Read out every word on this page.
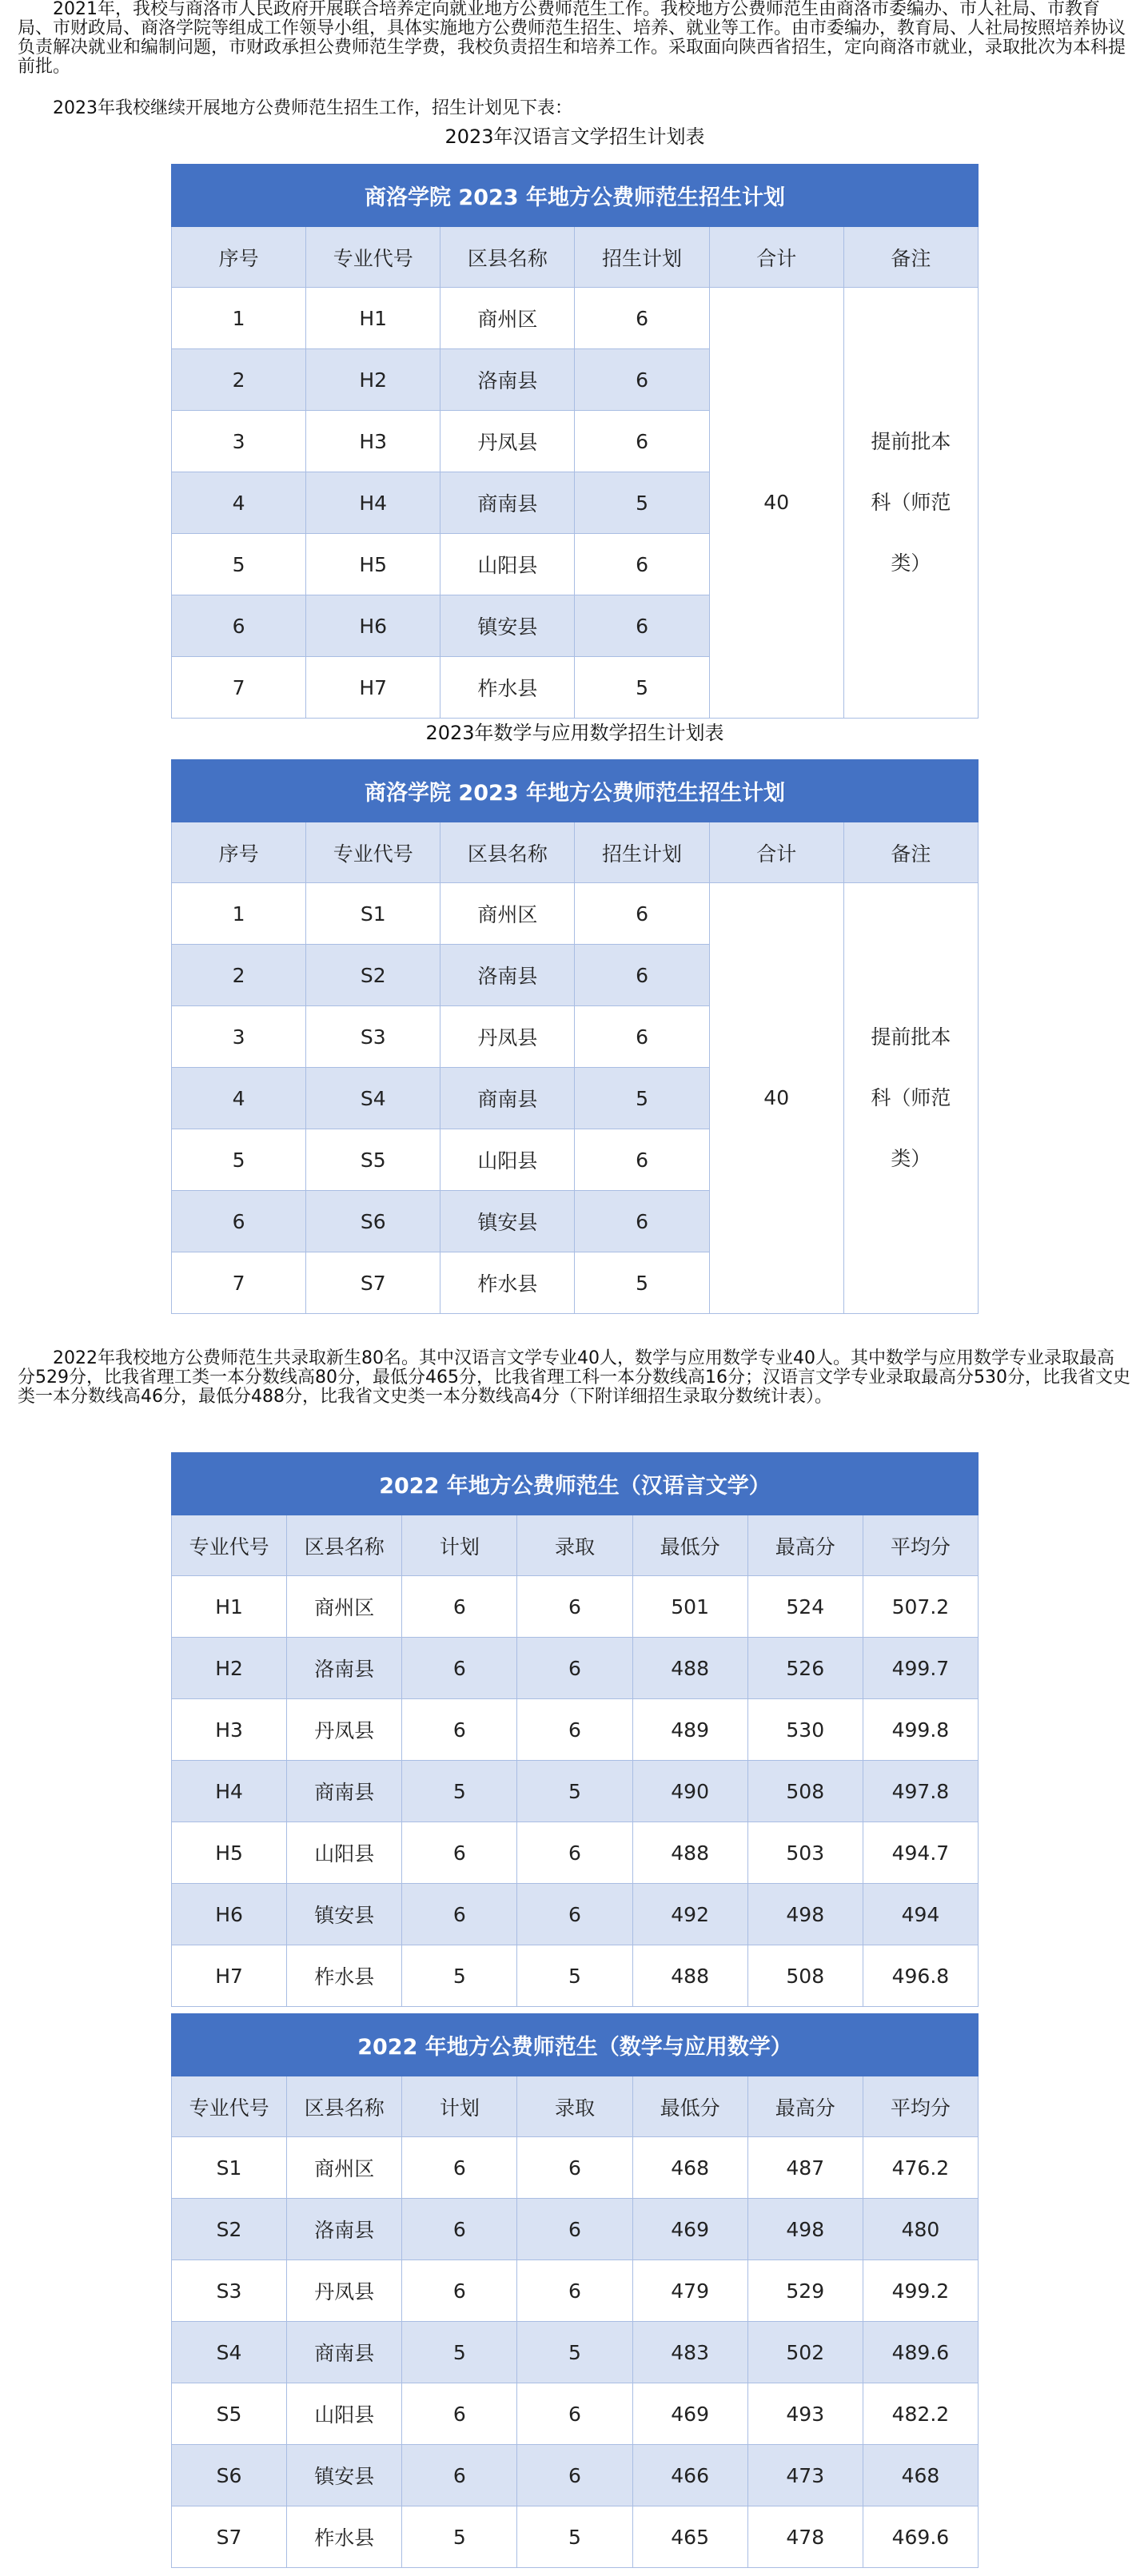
2021年，我校与商洛市人民政府开展联合培养定向就业地方公费师范生工作。我校地方公费师范生由商洛市委编办、市人社局、市教育局、市财政局、商洛学院等组成工作领导小组，具体实施地方公费师范生招生、培养、就业等工作。由市委编办，教育局、人社局按照培养协议负责解决就业和编制问题，市财政承担公费师范生学费，我校负责招生和培养工作。采取面向陕西省招生，定向商洛市就业，录取批次为本科提前批。

2023年我校继续开展地方公费师范生招生工作，招生计划见下表：

2023年汉语言文学招生计划表
商洛学院 2023 年地方公费师范生招生计划					
序号	专业代号	区县名称	招生计划	合计	备注
1	H1	商州区	6	40	提前批本科（师范类）
2	H2	洛南县	6		
3	H3	丹凤县	6		
4	H4	商南县	5		
5	H5	山阳县	6		
6	H6	镇安县	6		
7	H7	柞水县	5		
2023年数学与应用数学招生计划表
商洛学院 2023 年地方公费师范生招生计划					
序号	专业代号	区县名称	招生计划	合计	备注
1	S1	商州区	6	40	提前批本科（师范类）
2	S2	洛南县	6		
3	S3	丹凤县	6		
4	S4	商南县	5		
5	S5	山阳县	6		
6	S6	镇安县	6		
7	S7	柞水县	5		

2022年我校地方公费师范生共录取新生80名。其中汉语言文学专业40人，数学与应用数学专业40人。其中数学与应用数学专业录取最高分529分，比我省理工类一本分数线高80分，最低分465分，比我省理工科一本分数线高16分；汉语言文学专业录取最高分530分，比我省文史类一本分数线高46分，最低分488分，比我省文史类一本分数线高4分（下附详细招生录取分数统计表）。

2022 年地方公费师范生（汉语言文学）						
专业代号	区县名称	计划	录取	最低分	最高分	平均分
H1	商州区	6	6	501	524	507.2
H2	洛南县	6	6	488	526	499.7
H3	丹凤县	6	6	489	530	499.8
H4	商南县	5	5	490	508	497.8
H5	山阳县	6	6	488	503	494.7
H6	镇安县	6	6	492	498	494
H7	柞水县	5	5	488	508	496.8
2022 年地方公费师范生（数学与应用数学）						
专业代号	区县名称	计划	录取	最低分	最高分	平均分
S1	商州区	6	6	468	487	476.2
S2	洛南县	6	6	469	498	480
S3	丹凤县	6	6	479	529	499.2
S4	商南县	5	5	483	502	489.6
S5	山阳县	6	6	469	493	482.2
S6	镇安县	6	6	466	473	468
S7	柞水县	5	5	465	478	469.6
